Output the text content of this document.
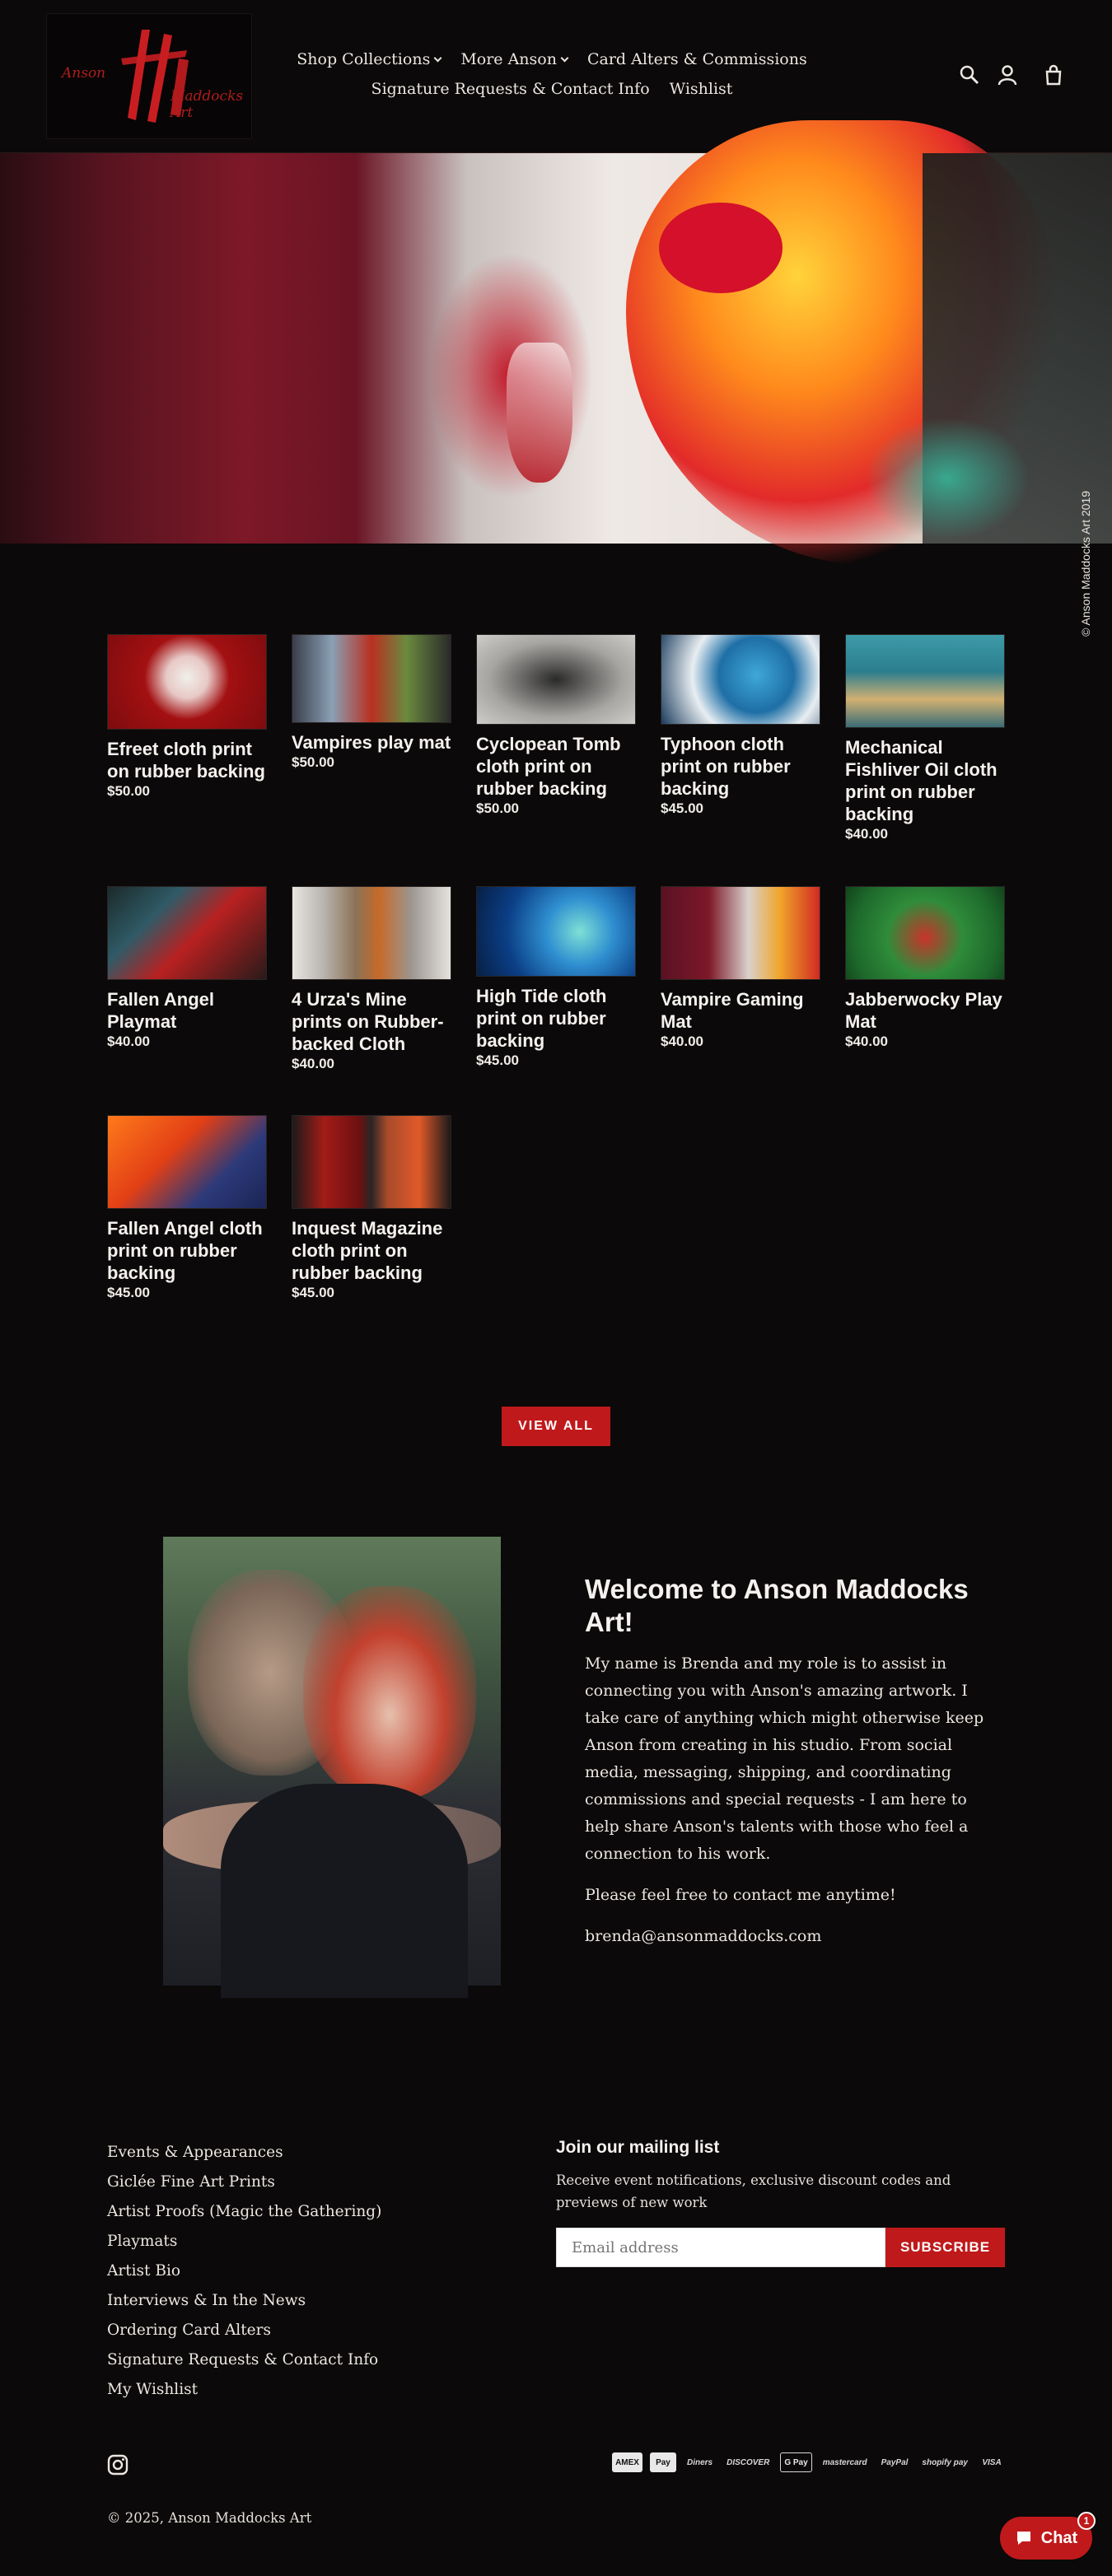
Anson
Maddocks Art
Shop Collections	More Anson	Card Alters & Commissions
Signature Requests & Contact Info Wishlist
© Anson Maddocks Art 2019
Efreet cloth print on rubber backing
$50.00
Vampires play mat
$50.00
Cyclopean Tomb cloth print on rubber backing
$50.00
Typhoon cloth print on rubber backing
$45.00
Mechanical Fishliver Oil cloth print on rubber backing
$40.00
Fallen Angel Playmat
$40.00
4 Urza's Mine prints on Rubber-backed Cloth
$40.00
High Tide cloth print on rubber backing
$45.00
Vampire Gaming Mat
$40.00
Jabberwocky Play Mat
$40.00
Fallen Angel cloth print on rubber backing
$45.00
Inquest Magazine cloth print on rubber backing
$45.00
VIEW ALL
Welcome to Anson Maddocks Art!

My name is Brenda and my role is to assist in connecting you with Anson's amazing artwork. I take care of anything which might otherwise keep Anson from creating in his studio. From social media, messaging, shipping, and coordinating commissions and special requests - I am here to help share Anson's talents with those who feel a connection to his work.

Please feel free to contact me anytime!

brenda@ansonmaddocks.com

Events & Appearances
Giclée Fine Art Prints
Artist Proofs (Magic the Gathering)
Playmats
Artist Bio
Interviews & In the News
Ordering Card Alters
Signature Requests & Contact Info
My Wishlist
Join our mailing list

Receive event notifications, exclusive discount codes and previews of new work

Email address
SUBSCRIBE
AMEX	Pay	Diners	DISCOVER	G Pay	mastercard	PayPal	shopify pay	VISA
© 2025, Anson Maddocks Art
Chat
1
